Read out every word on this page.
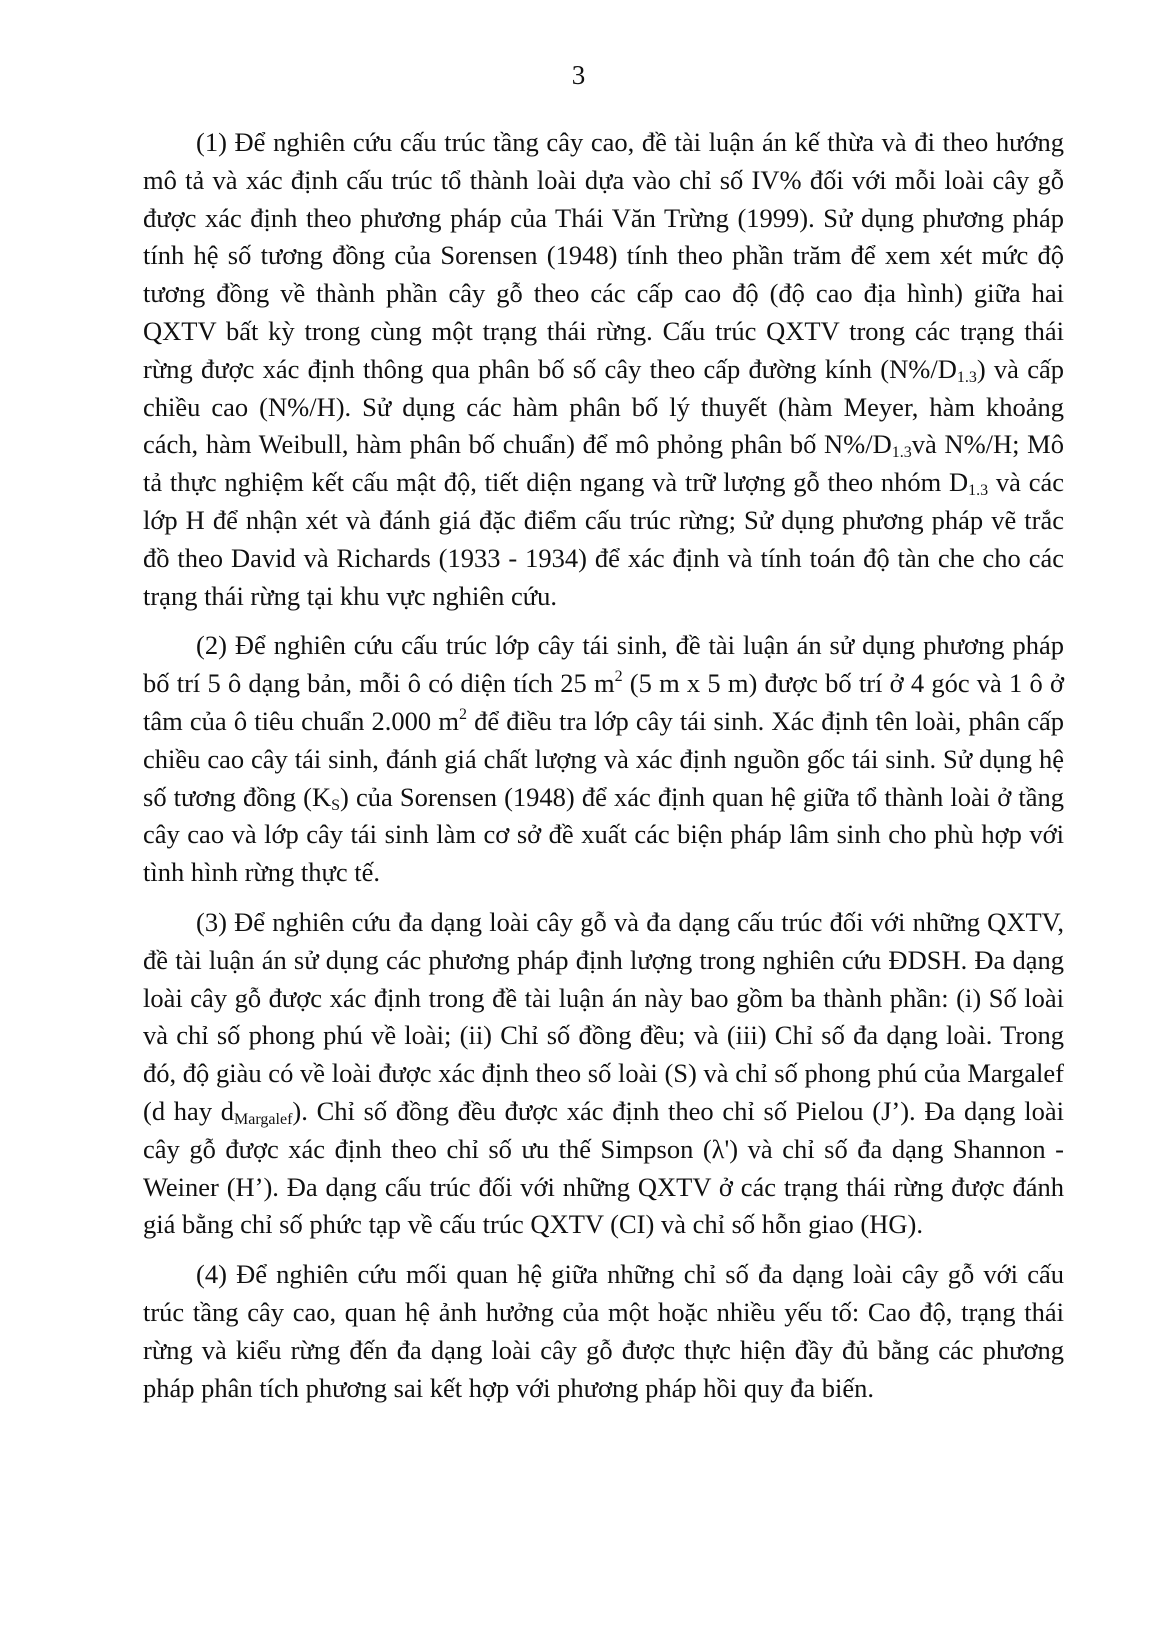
3

(1) Để nghiên cứu cấu trúc tầng cây cao, đề tài luận án kế thừa và đi theo hướng mô tả và xác định cấu trúc tổ thành loài dựa vào chỉ số IV% đối với mỗi loài cây gỗ được xác định theo phương pháp của Thái Văn Trừng (1999). Sử dụng phương pháp tính hệ số tương đồng của Sorensen (1948) tính theo phần trăm để xem xét mức độ tương đồng về thành phần cây gỗ theo các cấp cao độ (độ cao địa hình) giữa hai QXTV bất kỳ trong cùng một trạng thái rừng. Cấu trúc QXTV trong các trạng thái rừng được xác định thông qua phân bố số cây theo cấp đường kính $(N\%/D_{1.3})$ và cấp chiều cao (N%/H). Sử dụng các hàm phân bố lý thuyết (hàm Meyer, hàm khoảng cách, hàm Weibull, hàm phân bố chuẩn) để mô phỏng phân bố $N\%/D_{1.3}và$ N%/H; Mô tả thực nghiệm kết cấu mật độ, tiết diện ngang và trữ lượng gỗ theo nhóm $D_{1.3}$ và các lớp H để nhận xét và đánh giá đặc điểm cấu trúc rừng; Sử dụng phương pháp vẽ trắc đồ theo David và Richards (1933 - 1934) để xác định và tính toán độ tàn che cho các trạng thái rừng tại khu vực nghiên cứu.

(2) Để nghiên cứu cấu trúc lớp cây tái sinh, đề tài luận án sử dụng phương pháp bố trí 5 ô dạng bản, mỗi ô có diện tích 25 $m^2$ (5 m x 5 m) được bố trí ở 4 góc và 1 ô ở tâm của ô tiêu chuẩn 2.000 $m^2$ để điều tra lớp cây tái sinh. Xác định tên loài, phân cấp chiều cao cây tái sinh, đánh giá chất lượng và xác định nguồn gốc tái sinh. Sử dụng hệ số tương đồng $(K_S)$ của Sorensen (1948) để xác định quan hệ giữa tổ thành loài ở tầng cây cao và lớp cây tái sinh làm cơ sở đề xuất các biện pháp lâm sinh cho phù hợp với tình hình rừng thực tế.

(3) Để nghiên cứu đa dạng loài cây gỗ và đa dạng cấu trúc đối với những QXTV, đề tài luận án sử dụng các phương pháp định lượng trong nghiên cứu ĐDSH. Đa dạng loài cây gỗ được xác định trong đề tài luận án này bao gồm ba thành phần: (i) Số loài và chỉ số phong phú về loài; (ii) Chỉ số đồng đều; và (iii) Chỉ số đa dạng loài. Trong đó, độ giàu có về loài được xác định theo số loài (S) và chỉ số phong phú của Margalef (d hay $d_{Margalef}$). Chỉ số đồng đều được xác định theo chỉ số Pielou (J’). Đa dạng loài cây gỗ được xác định theo chỉ số ưu thế Simpson (λ') và chỉ số đa dạng Shannon - Weiner (H’). Đa dạng cấu trúc đối với những QXTV ở các trạng thái rừng được đánh giá bằng chỉ số phức tạp về cấu trúc QXTV (CI) và chỉ số hỗn giao (HG).

(4) Để nghiên cứu mối quan hệ giữa những chỉ số đa dạng loài cây gỗ với cấu trúc tầng cây cao, quan hệ ảnh hưởng của một hoặc nhiều yếu tố: Cao độ, trạng thái rừng và kiểu rừng đến đa dạng loài cây gỗ được thực hiện đầy đủ bằng các phương pháp phân tích phương sai kết hợp với phương pháp hồi quy đa biến.
